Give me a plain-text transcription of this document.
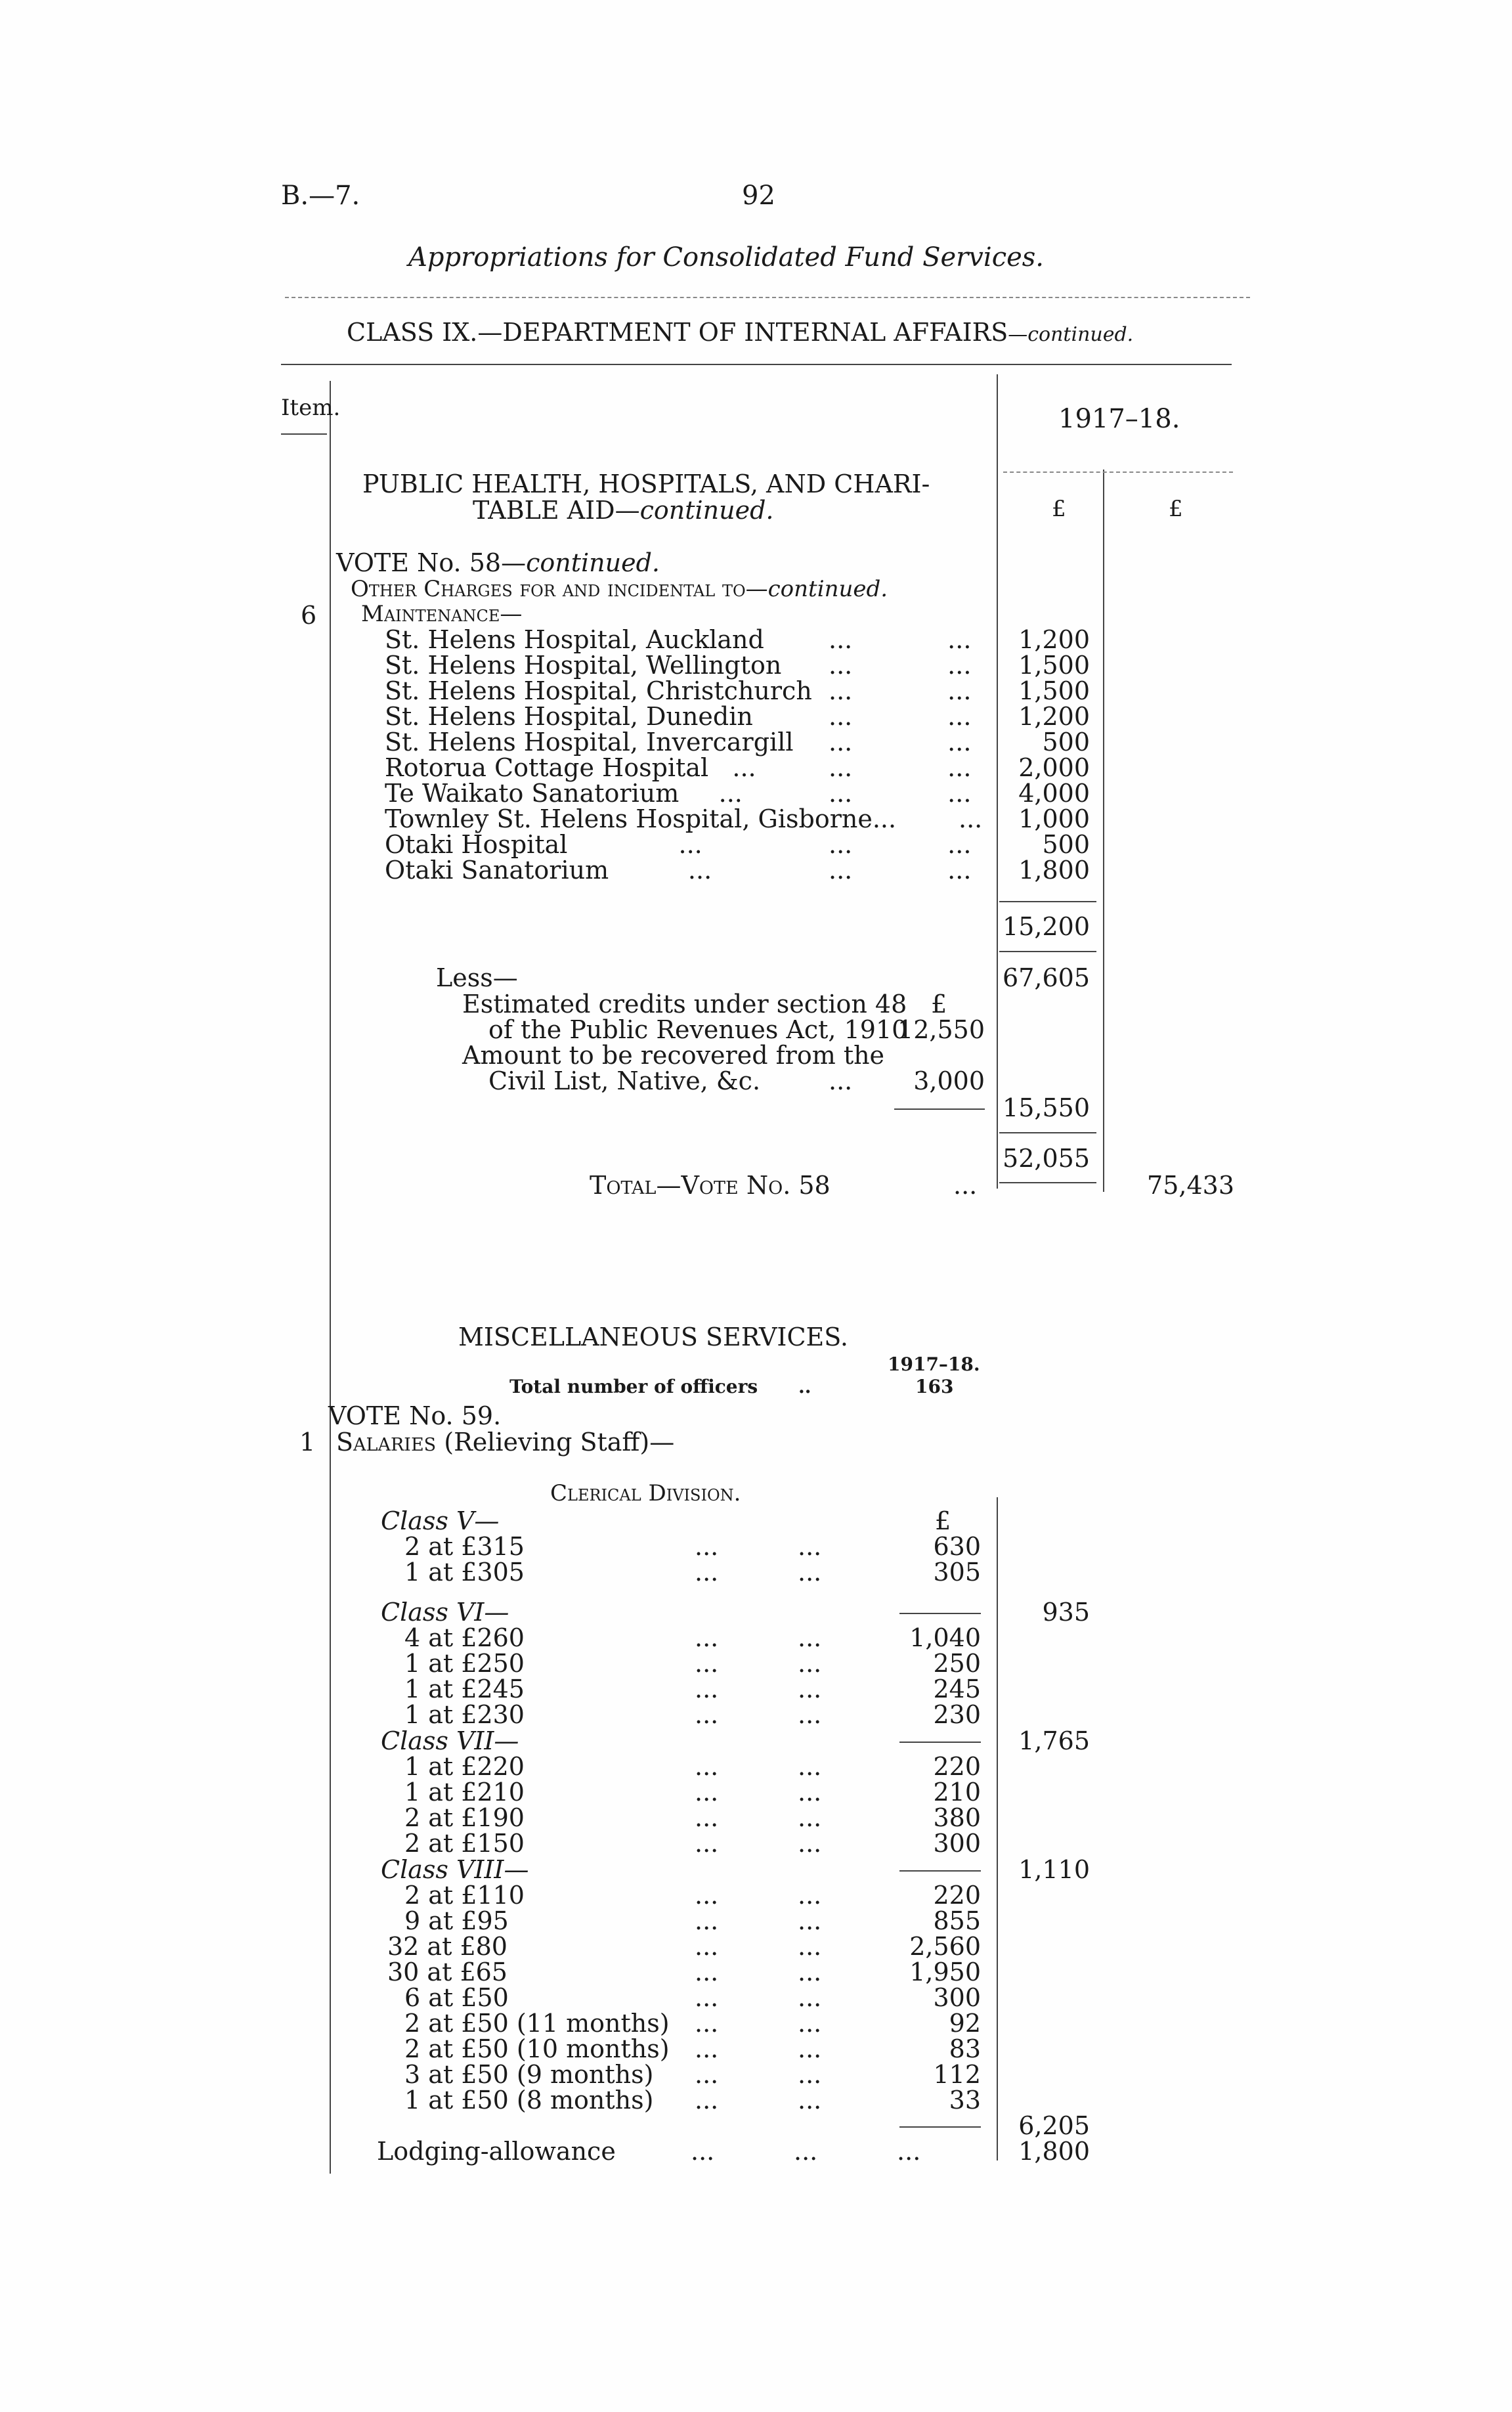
B.—7.	92
Appropriations for Consolidated Fund Services.
CLASS IX.—DEPARTMENT OF INTERNAL AFFAIRS—continued.
Item.	1917–18.
£	£
PUBLIC HEALTH, HOSPITALS, AND CHARI-
TABLE AID—continued.
VOTE No. 58—continued.
Other Charges for and incidental to—continued.
6 Maintenance—
St. Helens Hospital, Auckland	...            ...	1,200
St. Helens Hospital, Wellington ...            ...	1,500
St. Helens Hospital, Christchurch ...            ...	1,500
St. Helens Hospital, Dunedin	...            ...	1,200
St. Helens Hospital, Invercargill ...            ...	500
Rotorua Cottage Hospital   ...	...            ...	2,000
Te Waikato Sanatorium     ...	...            ...	4,000
Townley St. Helens Hospital, Gisborne... ...	1,000
Otaki Hospital              ...	...            ...	500
Otaki Sanatorium          ...	...            ...	1,800
15,200
67,605
Less—
Estimated credits under section 48 £
of the Public Revenues Act, 1910
12,550
Amount to be recovered from the
Civil List, Native, &c.	...	3,000
15,550
52,055
Total—Vote No. 58	...	75,433
MISCELLANEOUS SERVICES.
1917–18.
Total number of officers ..	163
VOTE No. 59.
1 Salaries (Relieving Staff)—
Clerical Division.
£
Class V—
2 at £315	...          ...	630
1 at £305	...          ...	305
935
Class VI—
4 at £260	...          ...	1,040
1 at £250	...          ...	250
1 at £245	...          ...	245
1 at £230	...          ...	230
1,765
Class VII—
1 at £220	...          ...	220
1 at £210	...          ...	210
2 at £190	...          ...	380
2 at £150	...          ...	300
1,110
Class VIII—
2 at £110	...          ...	220
9 at £95	...          ...	855
32 at £80	...          ...	2,560
30 at £65	...          ...	1,950
6 at £50	...          ...	300
2 at £50 (11 months) ...          ...	92
2 at £50 (10 months) ...          ...	83
3 at £50 (9 months) ...          ...	112
1 at £50 (8 months) ...          ...	33
6,205
Lodging-allowance	...          ...          ...	1,800
